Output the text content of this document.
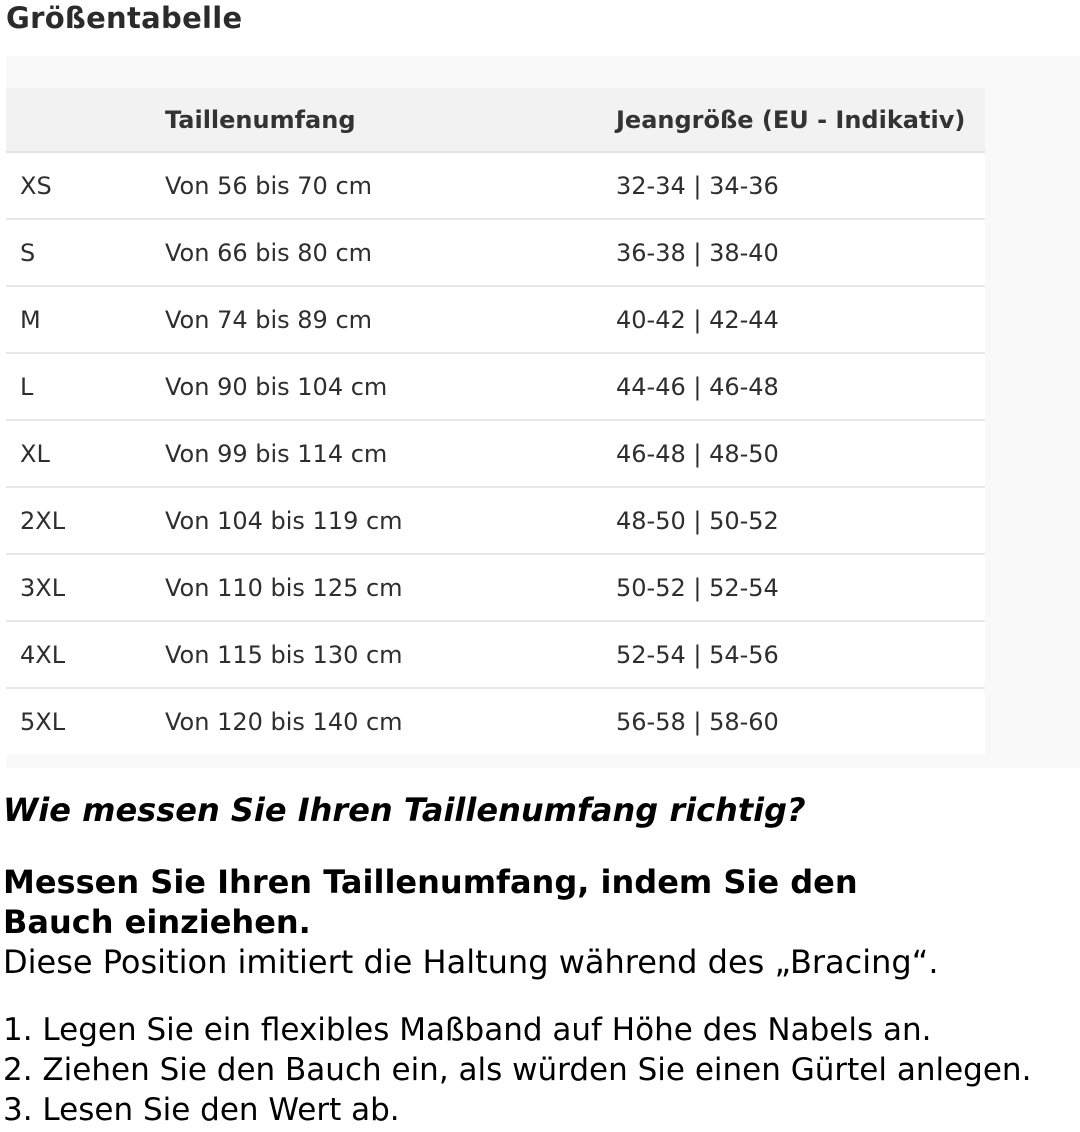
Größentabelle
	Taillenumfang	Jeangröße (EU - Indikativ)
XS	Von 56 bis 70 cm	32-34 | 34-36
S	Von 66 bis 80 cm	36-38 | 38-40
M	Von 74 bis 89 cm	40-42 | 42-44
L	Von 90 bis 104 cm	44-46 | 46-48
XL	Von 99 bis 114 cm	46-48 | 48-50
2XL	Von 104 bis 119 cm	48-50 | 50-52
3XL	Von 110 bis 125 cm	50-52 | 52-54
4XL	Von 115 bis 130 cm	52-54 | 54-56
5XL	Von 120 bis 140 cm	56-58 | 58-60
Wie messen Sie Ihren Taillenumfang richtig?
Messen Sie Ihren Taillenumfang, indem Sie den
Bauch einziehen.
Diese Position imitiert die Haltung während des „Bracing“.
1. Legen Sie ein flexibles Maßband auf Höhe des Nabels an.
2. Ziehen Sie den Bauch ein, als würden Sie einen Gürtel anlegen.
3. Lesen Sie den Wert ab.
